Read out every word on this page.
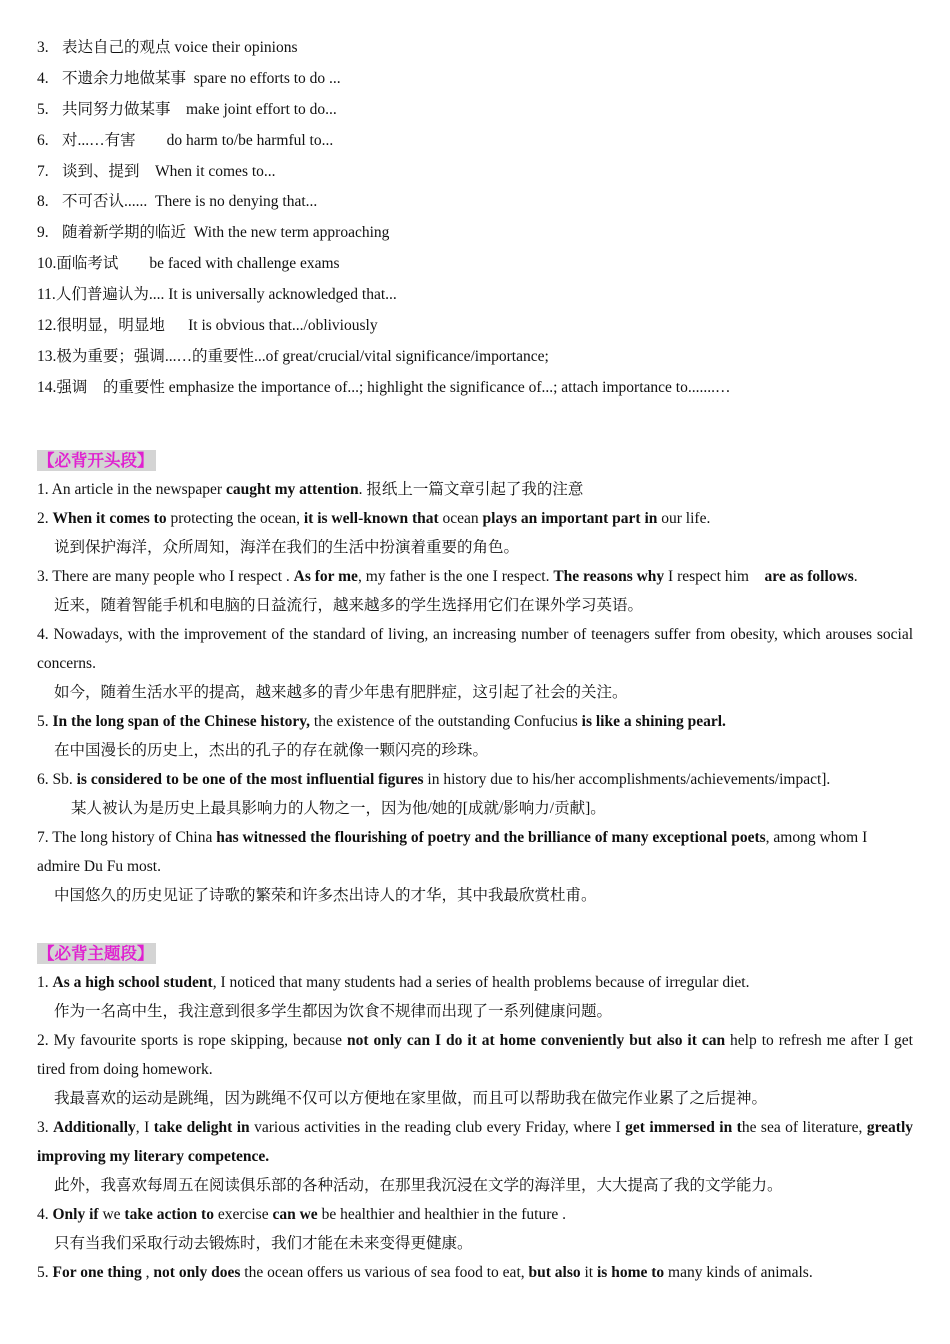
3. 表达自己的观点 voice their opinions
4. 不遗余力地做某事  spare no efforts to do ...
5. 共同努力做某事    make joint effort to do...
6. 对...…有害        do harm to/be harmful to...
7. 谈到、提到    When it comes to...
8. 不可否认......  There is no denying that...
9. 随着新学期的临近  With the new term approaching
10.面临考试        be faced with challenge exams
11.人们普遍认为.... It is universally acknowledged that...
12.很明显，明显地      It is obvious that.../obliviously
13.极为重要；强调...…的重要性...of great/crucial/vital significance/importance;
14.强调    的重要性 emphasize the importance of...; highlight the significance of...; attach importance to.......…
【必背开头段】
1. An article in the newspaper caught my attention. 报纸上一篇文章引起了我的注意
2. When it comes to protecting the ocean, it is well-known that ocean plays an important part in our life.
说到保护海洋，众所周知，海洋在我们的生活中扮演着重要的角色。
3. There are many people who I respect . As for me, my father is the one I respect. The reasons why I respect him    are as follows.
近来，随着智能手机和电脑的日益流行，越来越多的学生选择用它们在课外学习英语。
4. Nowadays, with the improvement of the standard of living, an increasing number of teenagers suffer from obesity, which arouses social concerns.
如今，随着生活水平的提高，越来越多的青少年患有肥胖症，这引起了社会的关注。
5. In the long span of the Chinese history, the existence of the outstanding Confucius is like a shining pearl.
在中国漫长的历史上，杰出的孔子的存在就像一颗闪亮的珍珠。
6. Sb. is considered to be one of the most influential figures in history due to his/her accomplishments/achievements/impact].
某人被认为是历史上最具影响力的人物之一，因为他/她的[成就/影响力/贡献]。
7. The long history of China has witnessed the flourishing of poetry and the brilliance of many exceptional poets, among whom I admire Du Fu most.
中国悠久的历史见证了诗歌的繁荣和许多杰出诗人的才华，其中我最欣赏杜甫。
【必背主题段】
1. As a high school student, I noticed that many students had a series of health problems because of irregular diet.
作为一名高中生，我注意到很多学生都因为饮食不规律而出现了一系列健康问题。
2. My favourite sports is rope skipping, because not only can I do it at home conveniently but also it can help to refresh me after I get tired from doing homework.
我最喜欢的运动是跳绳，因为跳绳不仅可以方便地在家里做，而且可以帮助我在做完作业累了之后提神。
3. Additionally, I take delight in various activities in the reading club every Friday, where I get immersed in the sea of literature, greatly improving my literary competence.
此外，我喜欢每周五在阅读俱乐部的各种活动，在那里我沉浸在文学的海洋里，大大提高了我的文学能力。
4. Only if we take action to exercise can we be healthier and healthier in the future .
只有当我们采取行动去锻炼时，我们才能在未来变得更健康。
5. For one thing , not only does the ocean offers us various of sea food to eat, but also it is home to many kinds of animals.
